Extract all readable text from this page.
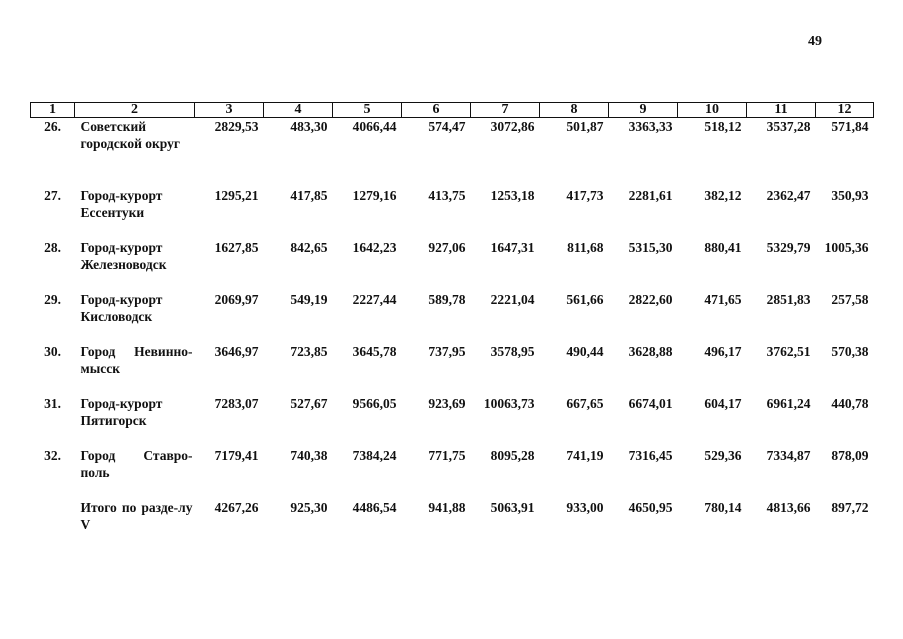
49
1	2	3	4	5	6	7	8	9	10	11	12
26.	Советский городской округ	2829,53	483,30	4066,44	574,47	3072,86	501,87	3363,33	518,12	3537,28	571,84
27.	Город-курорт Ессентуки	1295,21	417,85	1279,16	413,75	1253,18	417,73	2281,61	382,12	2362,47	350,93
28.	Город-курорт Железноводск	1627,85	842,65	1642,23	927,06	1647,31	811,68	5315,30	880,41	5329,79	1005,36
29.	Город-курорт Кисловодск	2069,97	549,19	2227,44	589,78	2221,04	561,66	2822,60	471,65	2851,83	257,58
30.	Город Невинно-мысск	3646,97	723,85	3645,78	737,95	3578,95	490,44	3628,88	496,17	3762,51	570,38
31.	Город-курорт Пятигорск	7283,07	527,67	9566,05	923,69	10063,73	667,65	6674,01	604,17	6961,24	440,78
32.	Город Ставро-поль	7179,41	740,38	7384,24	771,75	8095,28	741,19	7316,45	529,36	7334,87	878,09
	Итого по разде-лу V	4267,26	925,30	4486,54	941,88	5063,91	933,00	4650,95	780,14	4813,66	897,72
